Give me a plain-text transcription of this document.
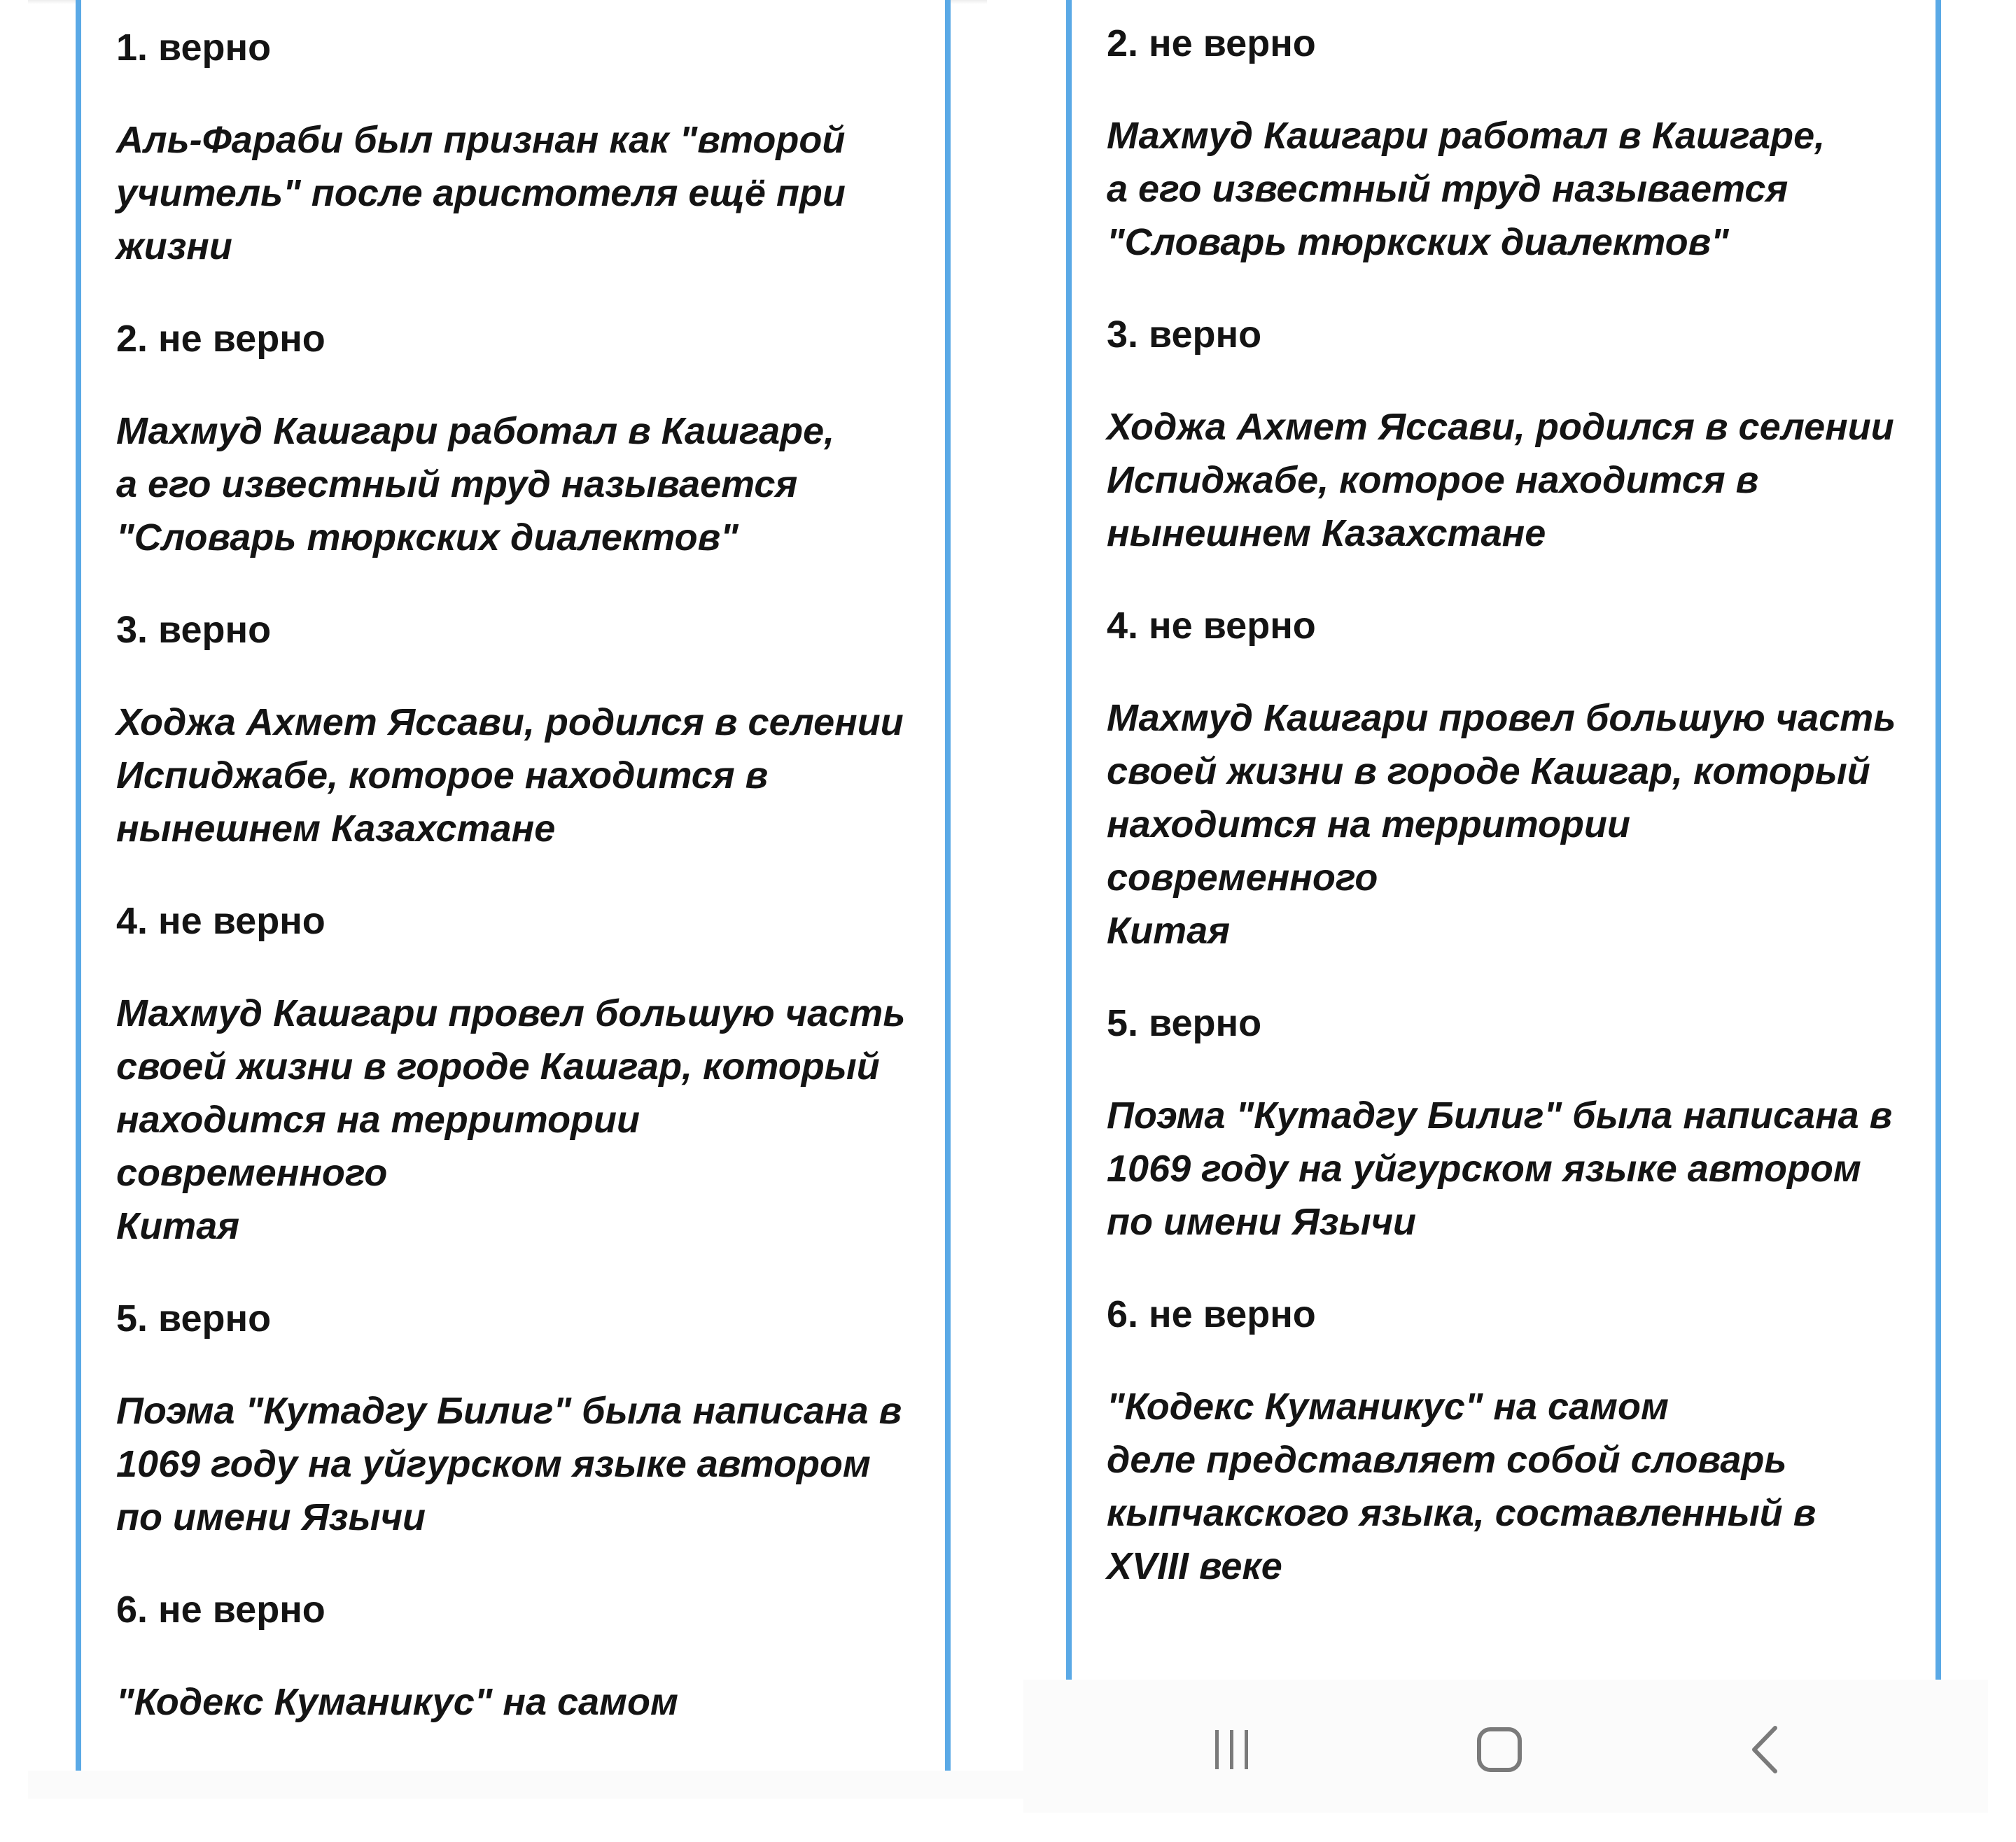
1. верно

Аль-Фараби был признан как "второй
учитель" после аристотеля ещё при
жизни

2. не верно

Махмуд Кашгари работал в Кашгаре,
а его известный труд называется
"Словарь тюркских диалектов"

3. верно

Ходжа Ахмет Яссави, родился в селении
Испиджабе, которое находится в
нынешнем Казахстане

4. не верно

Махмуд Кашгари провел большую часть
своей жизни в городе Кашгар, который
находится на территории современного
Китая

5. верно

Поэма "Кутадгу Билиг" была написана в
1069 году на уйгурском языке автором
по имени Язычи

6. не верно

"Кодекс Куманикус" на самом

2. не верно

Махмуд Кашгари работал в Кашгаре,
а его известный труд называется
"Словарь тюркских диалектов"

3. верно

Ходжа Ахмет Яссави, родился в селении
Испиджабе, которое находится в
нынешнем Казахстане

4. не верно

Махмуд Кашгари провел большую часть
своей жизни в городе Кашгар, который
находится на территории современного
Китая

5. верно

Поэма "Кутадгу Билиг" была написана в
1069 году на уйгурском языке автором
по имени Язычи

6. не верно

"Кодекс Куманикус" на самом
деле представляет собой словарь
кыпчакского языка, составленный в
XVIII веке
